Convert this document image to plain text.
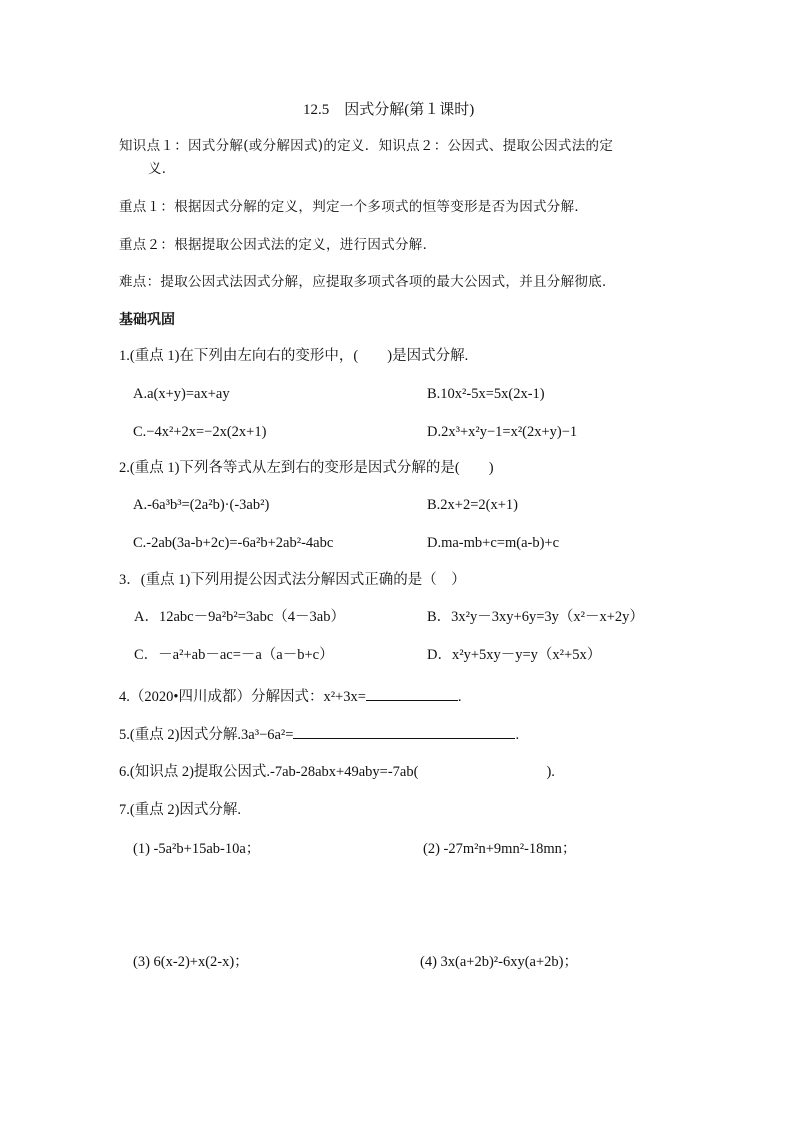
12.5　因式分解(第１课时)
知识点１：因式分解(或分解因式)的定义．知识点２：公因式、提取公因式法的定
义．
重点１：根据因式分解的定义，判定一个多项式的恒等变形是否为因式分解．
重点２：根据提取公因式法的定义，进行因式分解．
难点：提取公因式法因式分解，应提取多项式各项的最大公因式，并且分解彻底．
基础巩固
1.(重点 1)在下列由左向右的变形中，(　　)是因式分解.
A.a(x+y)=ax+ay	B.10x²-5x=5x(2x-1)
C.−4x²+2x=−2x(2x+1)	D.2x³+x²y−1=x²(2x+y)−1
2.(重点 1)下列各等式从左到右的变形是因式分解的是(　　)
A.-6a³b³=(2a²b)·(-3ab²)	B.2x+2=2(x+1)
C.-2ab(3a-b+2c)=-6a²b+2ab²-4abc	D.ma-mb+c=m(a-b)+c
3．(重点 1)下列用提公因式法分解因式正确的是（　）
A．12abc－9a²b²=3abc（4－3ab）	B．3x²y－3xy+6y=3y（x²－x+2y）
C．－a²+ab－ac=－a（a－b+c）	D．x²y+5xy－y=y（x²+5x）
4.（2020•四川成都）分解因式：x²+3x=	.
5.(重点 2)因式分解.3a³−6a²=	.
6.(知识点 2)提取公因式.-7ab-28abx+49aby=-7ab(	).
7.(重点 2)因式分解.
(1) -5a²b+15ab-10a；	(2) -27m²n+9mn²-18mn；
(3) 6(x-2)+x(2-x)；	(4) 3x(a+2b)²-6xy(a+2b)；
